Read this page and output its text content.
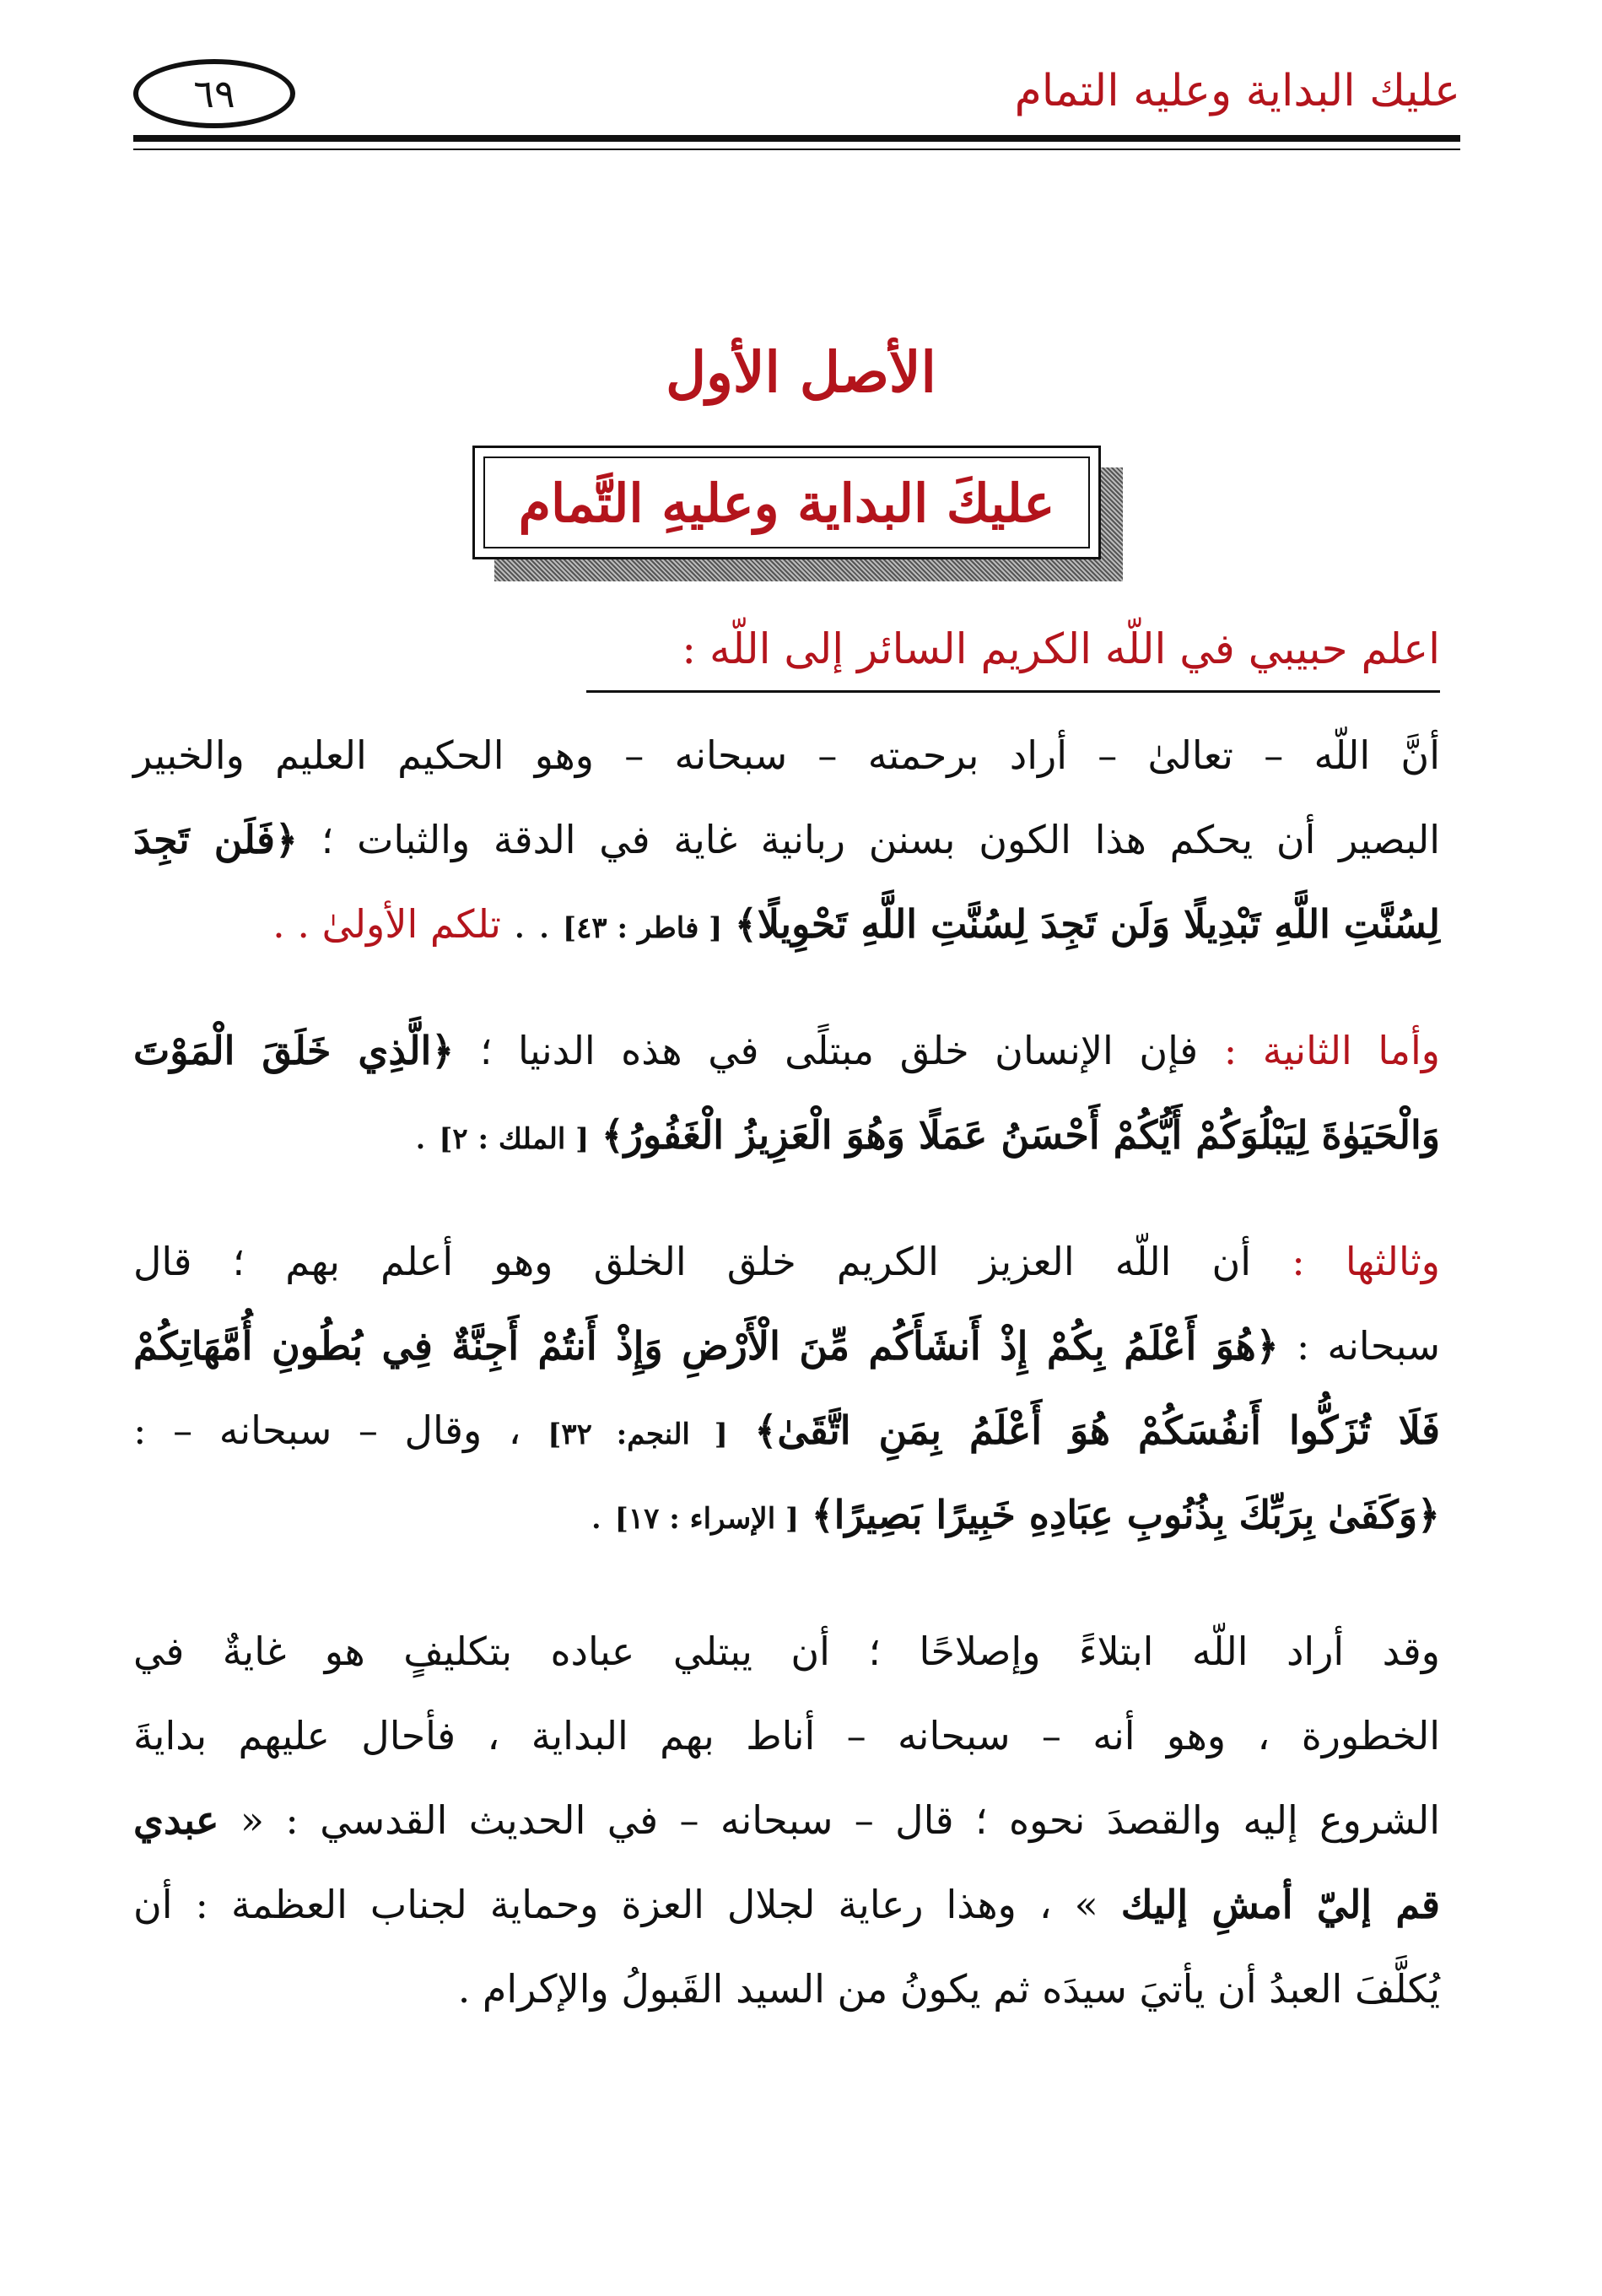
عليك البداية وعليه التمام
٦٩
الأصل الأول
عليكَ البداية وعليهِ التَّمام
اعلم حبيبي في اللّه الكريم السائر إلى اللّه :
أنَّ اللّه – تعالىٰ – أراد برحمته – سبحانه – وهو الحكيم العليم والخبير
البصير أن يحكم هذا الكون بسنن ربانية غاية في الدقة والثبات ؛ ﴿فَلَن تَجِدَ
لِسُنَّتِ اللَّهِ تَبْدِيلًا وَلَن تَجِدَ لِسُنَّتِ اللَّهِ تَحْوِيلًا﴾ [ فاطر : ٤٣] . . تلكم الأولىٰ . .
وأما الثانية : فإن الإنسان خلق مبتلًى في هذه الدنيا ؛ ﴿الَّذِي خَلَقَ الْمَوْتَ
وَالْحَيَوٰةَ لِيَبْلُوَكُمْ أَيُّكُمْ أَحْسَنُ عَمَلًا وَهُوَ الْعَزِيزُ الْغَفُورُ﴾ [ الملك : ٢] .
وثالثها : أن اللّه العزيز الكريم خلق الخلق وهو أعلم بهم ؛ قال
سبحانه : ﴿هُوَ أَعْلَمُ بِكُمْ إِذْ أَنشَأَكُم مِّنَ الْأَرْضِ وَإِذْ أَنتُمْ أَجِنَّةٌ فِي بُطُونِ أُمَّهَاتِكُمْ
فَلَا تُزَكُّوا أَنفُسَكُمْ هُوَ أَعْلَمُ بِمَنِ اتَّقَىٰ﴾ [ النجم: ٣٢] ، وقال – سبحانه – :
﴿وَكَفَىٰ بِرَبِّكَ بِذُنُوبِ عِبَادِهِ خَبِيرًا بَصِيرًا﴾ [ الإسراء : ١٧] .
وقد أراد اللّه ابتلاءً وإصلاحًا ؛ أن يبتلي عباده بتكليفٍ هو غايةٌ في
الخطورة ، وهو أنه – سبحانه – أناط بهم البداية ، فأحال عليهم بدايةَ
الشروع إليه والقصدَ نحوه ؛ قال – سبحانه – في الحديث القدسي : « عبدي
قم إليّ أمشِ إليك » ، وهذا رعاية لجلال العزة وحماية لجناب العظمة : أن
يُكلَّفَ العبدُ أن يأتيَ سيدَه ثم يكونُ من السيد القَبولُ والإكرام .
